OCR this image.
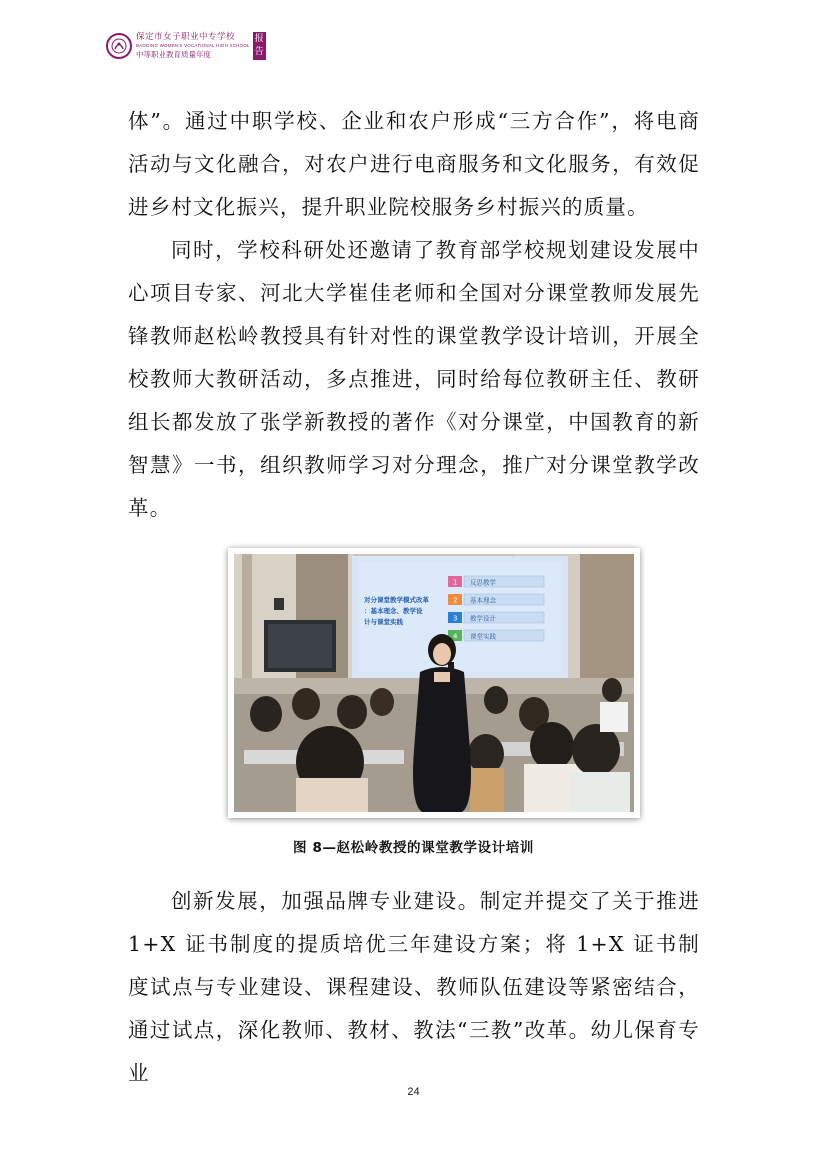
保定市女子职业中专学校
BAODING WOMEN'S VOCATIONAL HIGH SCHOOL
中等职业教育质量年度
报告

体”。通过中职学校、企业和农户形成“三方合作”，将电商活动与文化融合，对农户进行电商服务和文化服务，有效促进乡村文化振兴，提升职业院校服务乡村振兴的质量。

同时，学校科研处还邀请了教育部学校规划建设发展中心项目专家、河北大学崔佳老师和全国对分课堂教师发展先锋教师赵松岭教授具有针对性的课堂教学设计培训，开展全校教师大教研活动，多点推进，同时给每位教研主任、教研组长都发放了张学新教授的著作《对分课堂，中国教育的新智慧》一书，组织教师学习对分理念，推广对分课堂教学改革。

对分课堂教学模式改革
：基本理念、教学设
计与课堂实践
1 反思教学
2 基本理念
3 教学设计
4 课堂实践
图 8—赵松岭教授的课堂教学设计培训

创新发展，加强品牌专业建设。制定并提交了关于推进1+X 证书制度的提质培优三年建设方案；将 1+X 证书制度试点与专业建设、课程建设、教师队伍建设等紧密结合，通过试点，深化教师、教材、教法“三教”改革。幼儿保育专业

24
